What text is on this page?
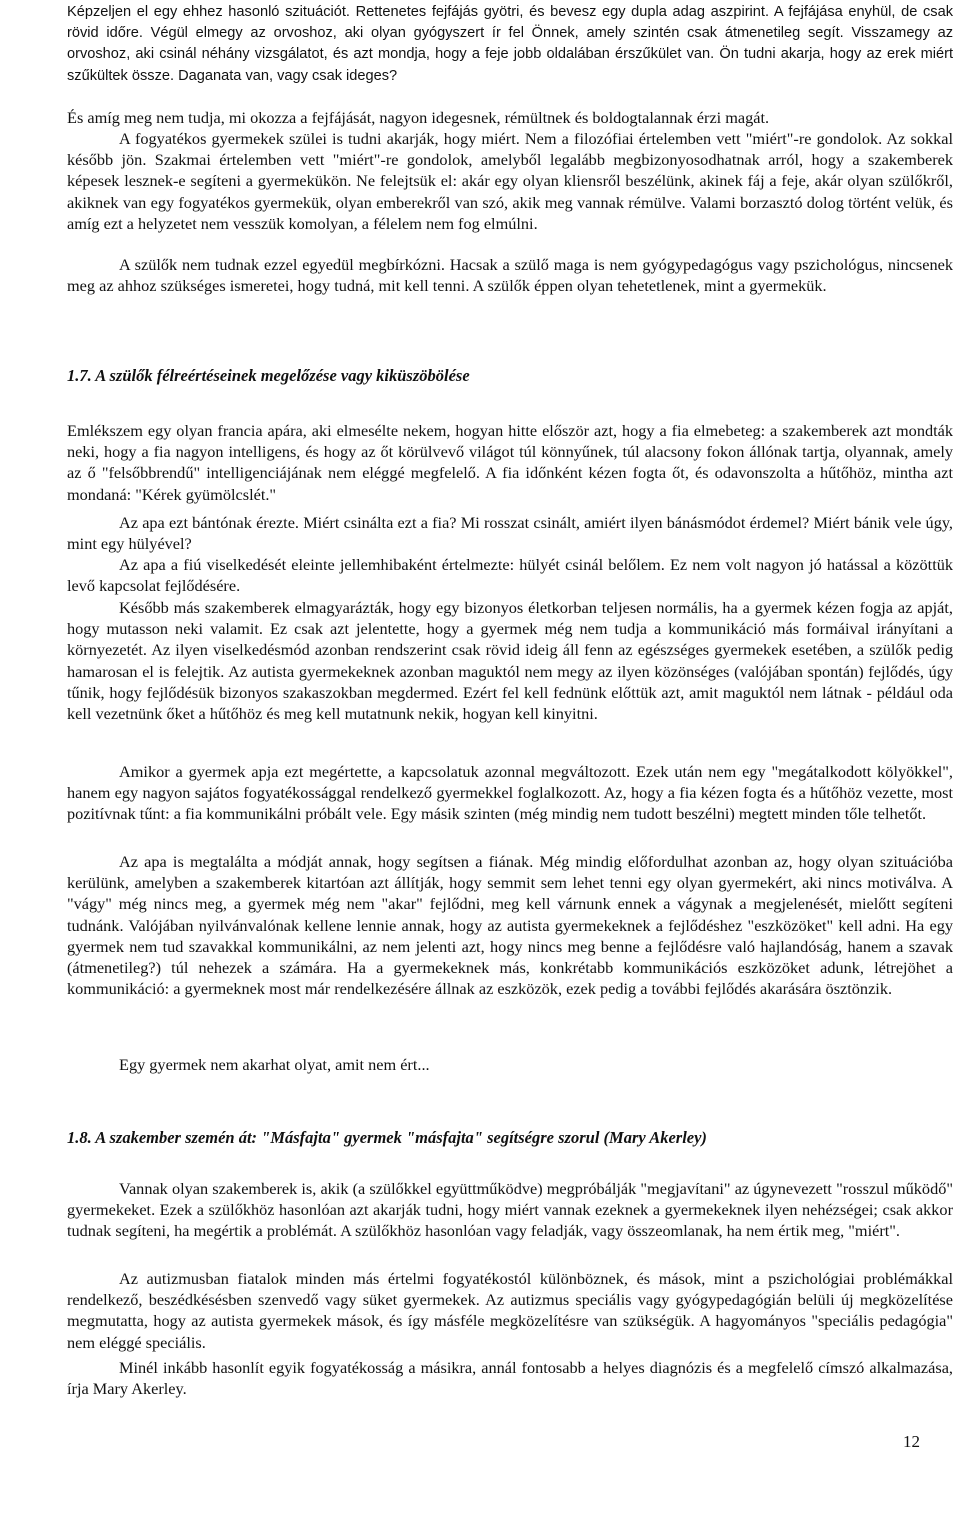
Képzeljen el egy ehhez hasonló szituációt. Rettenetes fejfájás gyötri, és bevesz egy dupla adag aszpirint. A fejfájása enyhül, de csak rövid időre. Végül elmegy az orvoshoz, aki olyan gyógyszert ír fel Önnek, amely szintén csak átmenetileg segít. Visszamegy az orvoshoz, aki csinál néhány vizsgálatot, és azt mondja, hogy a feje jobb oldalában érszűkület van. Ön tudni akarja, hogy az erek miért szűkültek össze. Daganata van, vagy csak ideges?

És amíg meg nem tudja, mi okozza a fejfájását, nagyon idegesnek, rémültnek és boldogtalannak érzi magát.

A fogyatékos gyermekek szülei is tudni akarják, hogy miért. Nem a filozófiai értelemben vett "miért"-re gondolok. Az sokkal később jön. Szakmai értelemben vett "miért"-re gondolok, amelyből legalább megbizonyosodhatnak arról, hogy a szakemberek képesek lesznek-e segíteni a gyermekükön. Ne felejtsük el: akár egy olyan kliensről beszélünk, akinek fáj a feje, akár olyan szülőkről, akiknek van egy fogyatékos gyermekük, olyan emberekről van szó, akik meg vannak rémülve. Valami borzasztó dolog történt velük, és amíg ezt a helyzetet nem vesszük komolyan, a félelem nem fog elmúlni.

A szülők nem tudnak ezzel egyedül megbírkózni. Hacsak a szülő maga is nem gyógypedagógus vagy pszichológus, nincsenek meg az ahhoz szükséges ismeretei, hogy tudná, mit kell tenni. A szülők éppen olyan tehetetlenek, mint a gyermekük.

1.7. A szülők félreértéseinek megelőzése vagy kiküszöbölése

Emlékszem egy olyan francia apára, aki elmesélte nekem, hogyan hitte először azt, hogy a fia elmebeteg: a szakemberek azt mondták neki, hogy a fia nagyon intelligens, és hogy az őt körülvevő világot túl könnyűnek, túl alacsony fokon állónak tartja, olyannak, amely az ő "felsőbbrendű" intelligenciájának nem eléggé megfelelő. A fia időnként kézen fogta őt, és odavonszolta a hűtőhöz, mintha azt mondaná: "Kérek gyümölcslét."

Az apa ezt bántónak érezte. Miért csinálta ezt a fia? Mi rosszat csinált, amiért ilyen bánásmódot érdemel? Miért bánik vele úgy, mint egy hülyével?

Az apa a fiú viselkedését eleinte jellemhibaként értelmezte: hülyét csinál belőlem. Ez nem volt nagyon jó hatással a közöttük levő kapcsolat fejlődésére.

Később más szakemberek elmagyarázták, hogy egy bizonyos életkorban teljesen normális, ha a gyermek kézen fogja az apját, hogy mutasson neki valamit. Ez csak azt jelentette, hogy a gyermek még nem tudja a kommunikáció más formáival irányítani a környezetét. Az ilyen viselkedésmód azonban rendszerint csak rövid ideig áll fenn az egészséges gyermekek esetében, a szülők pedig hamarosan el is felejtik. Az autista gyermekeknek azonban maguktól nem megy az ilyen közönséges (valójában spontán) fejlődés, úgy tűnik, hogy fejlődésük bizonyos szakaszokban megdermed. Ezért fel kell fednünk előttük azt, amit maguktól nem látnak - például oda kell vezetnünk őket a hűtőhöz és meg kell mutatnunk nekik, hogyan kell kinyitni.

Amikor a gyermek apja ezt megértette, a kapcsolatuk azonnal megváltozott. Ezek után nem egy "megátalkodott kölyökkel", hanem egy nagyon sajátos fogyatékossággal rendelkező gyermekkel foglalkozott. Az, hogy a fia kézen fogta és a hűtőhöz vezette, most pozitívnak tűnt: a fia kommunikálni próbált vele. Egy másik szinten (még mindig nem tudott beszélni) megtett minden tőle telhetőt.

Az apa is megtalálta a módját annak, hogy segítsen a fiának. Még mindig előfordulhat azonban az, hogy olyan szituációba kerülünk, amelyben a szakemberek kitartóan azt állítják, hogy semmit sem lehet tenni egy olyan gyermekért, aki nincs motiválva. A "vágy" még nincs meg, a gyermek még nem "akar" fejlődni, meg kell várnunk ennek a vágynak a megjelenését, mielőtt segíteni tudnánk. Valójában nyilvánvalónak kellene lennie annak, hogy az autista gyermekeknek a fejlődéshez "eszközöket" kell adni. Ha egy gyermek nem tud szavakkal kommunikálni, az nem jelenti azt, hogy nincs meg benne a fejlődésre való hajlandóság, hanem a szavak (átmenetileg?) túl nehezek a számára. Ha a gyermekeknek más, konkrétabb kommunikációs eszközöket adunk, létrejöhet a kommunikáció: a gyermeknek most már rendelkezésére állnak az eszközök, ezek pedig a további fejlődés akarására ösztönzik.

Egy gyermek nem akarhat olyat, amit nem ért...

1.8. A szakember szemén át: "Másfajta" gyermek "másfajta" segítségre szorul (Mary Akerley)

Vannak olyan szakemberek is, akik (a szülőkkel együttműködve) megpróbálják "megjavítani" az úgynevezett "rosszul működő" gyermekeket. Ezek a szülőkhöz hasonlóan azt akarják tudni, hogy miért vannak ezeknek a gyermekeknek ilyen nehézségei; csak akkor tudnak segíteni, ha megértik a problémát. A szülőkhöz hasonlóan vagy feladják, vagy összeomlanak, ha nem értik meg, "miért".

Az autizmusban fiatalok minden más értelmi fogyatékostól különböznek, és mások, mint a pszichológiai problémákkal rendelkező, beszédkésésben szenvedő vagy süket gyermekek. Az autizmus speciális vagy gyógypedagógián belüli új megközelítése megmutatta, hogy az autista gyermekek mások, és így másféle megközelítésre van szükségük. A hagyományos "speciális pedagógia" nem eléggé speciális.

Minél inkább hasonlít egyik fogyatékosság a másikra, annál fontosabb a helyes diagnózis és a megfelelő címszó alkalmazása, írja Mary Akerley.

12
